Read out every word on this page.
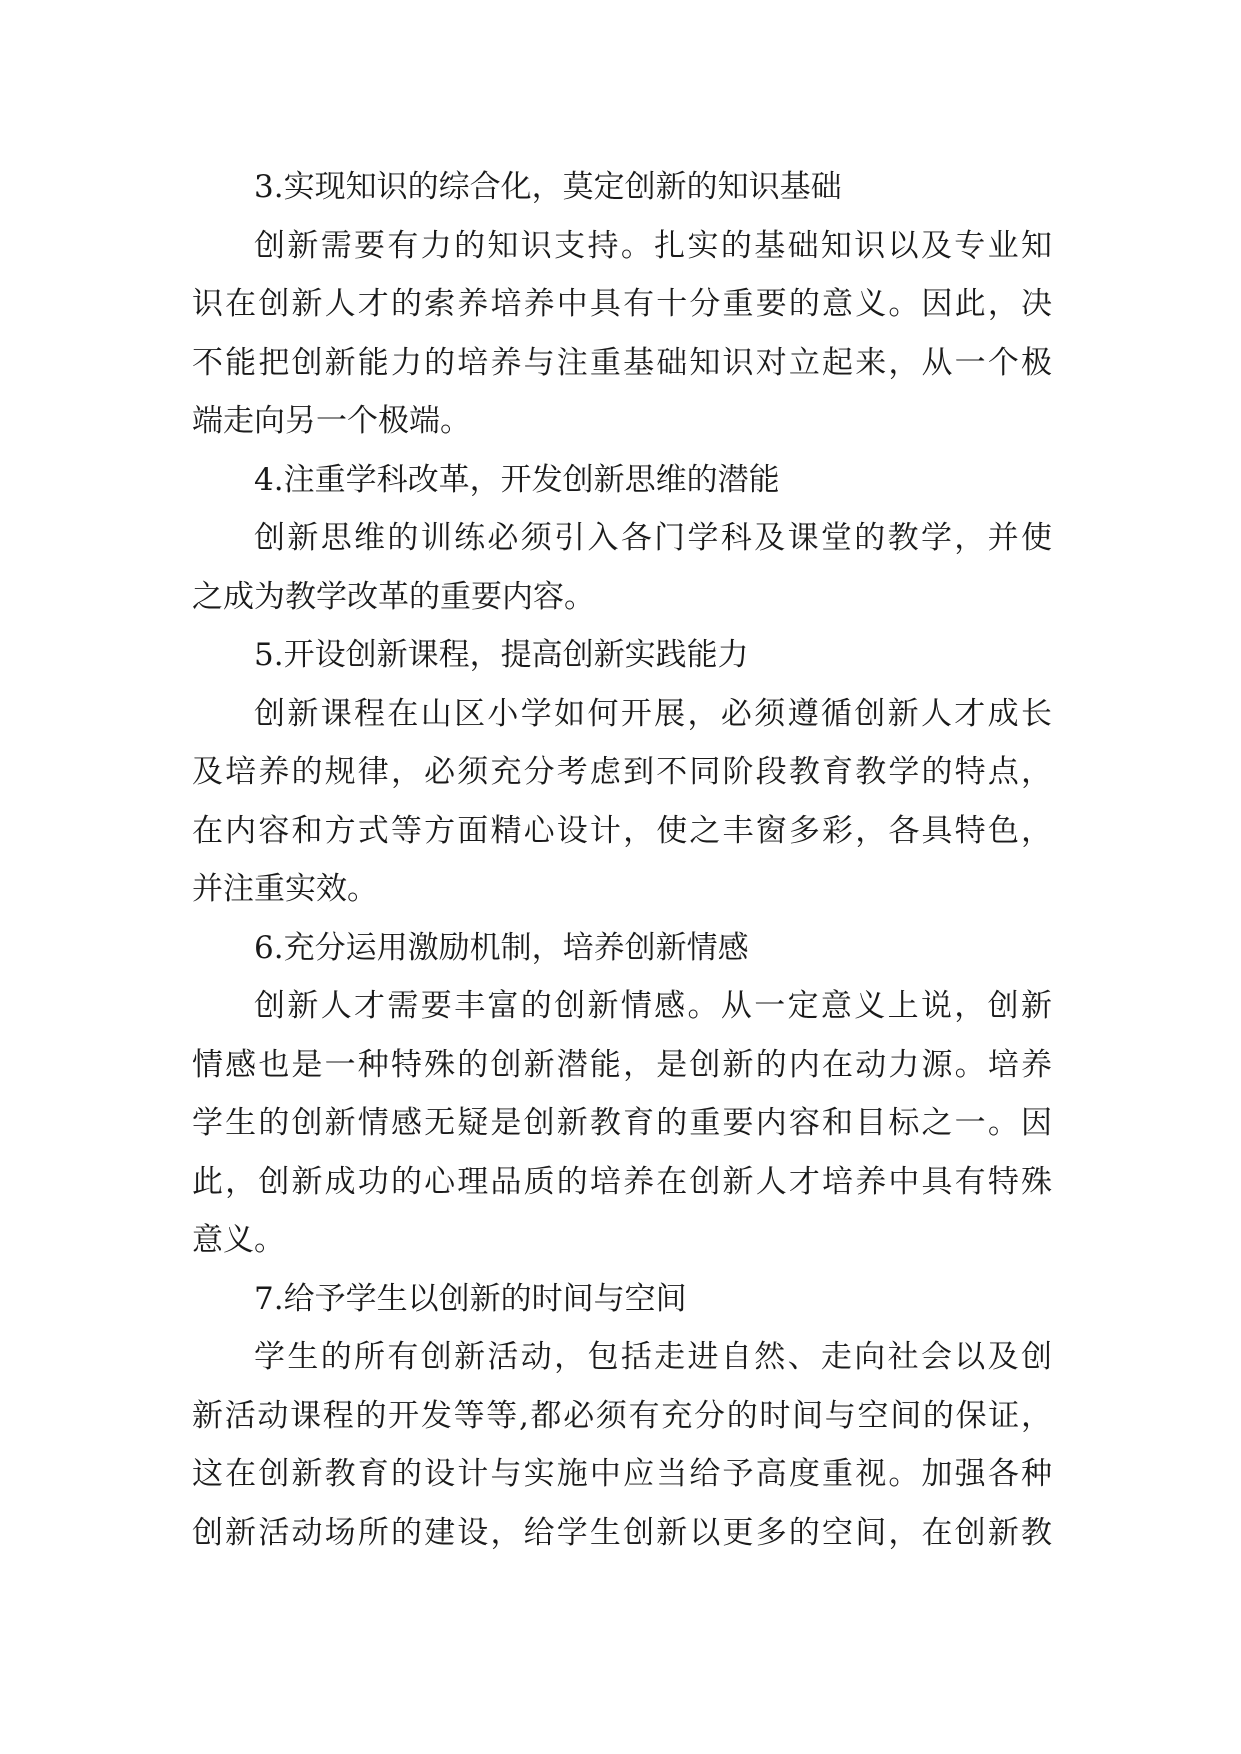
3.实现知识的综合化，莫定创新的知识基础
创新需要有力的知识支持。扎实的基础知识以及专业知
识在创新人才的索养培养中具有十分重要的意义。因此，决
不能把创新能力的培养与注重基础知识对立起来，从一个极
端走向另一个极端。
4.注重学科改革，开发创新思维的潜能
创新思维的训练必须引入各门学科及课堂的教学，并使
之成为教学改革的重要内容。
5.开设创新课程，提高创新实践能力
创新课程在山区小学如何开展，必须遵循创新人才成长
及培养的规律，必须充分考虑到不同阶段教育教学的特点，
在内容和方式等方面精心设计，使之丰窗多彩，各具特色，
并注重实效。
6.充分运用激励机制，培养创新情感
创新人才需要丰富的创新情感。从一定意义上说，创新
情感也是一种特殊的创新潜能，是创新的内在动力源。培养
学生的创新情感无疑是创新教育的重要内容和目标之一。因
此，创新成功的心理品质的培养在创新人才培养中具有特殊
意义。
7.给予学生以创新的时间与空间
学生的所有创新活动，包括走进自然、走向社会以及创
新活动课程的开发等等,都必须有充分的时间与空间的保证，
这在创新教育的设计与实施中应当给予高度重视。加强各种
创新活动场所的建设，给学生创新以更多的空间，在创新教
